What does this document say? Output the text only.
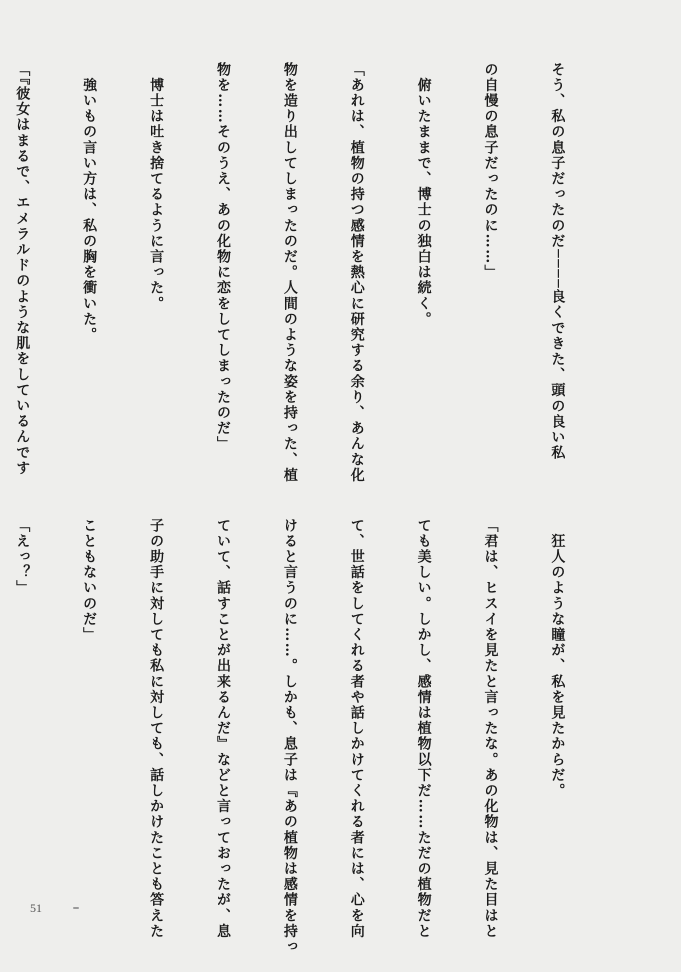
そう、私の息子だったのだ────良くできた、頭の良い私

の自慢の息子だったのに……」

　俯いたままで、博士の独白は続く。

「あれは、植物の持つ感情を熱心に研究する余り、あんな化

物を造り出してしまったのだ。人間のような姿を持った、植

物を……そのうえ、あの化物に恋をしてしまったのだ」

　博士は吐き捨てるように言った。

　強いもの言い方は、私の胸を衝いた。

「『彼女はまるで、エメラルドのような肌をしているんです

　狂人のような瞳が、私を見たからだ。

「君は、ヒスイを見たと言ったな。あの化物は、見た目はと

ても美しい。しかし、感情は植物以下だ……ただの植物だと

て、世話をしてくれる者や話しかけてくれる者には、心を向

けると言うのに……。しかも、息子は『あの植物は感情を持っ

ていて、話すことが出来るんだ』などと言っておったが、息

子の助手に対しても私に対しても、話しかけたことも答えた

こともないのだ」

「えっ？」

51
